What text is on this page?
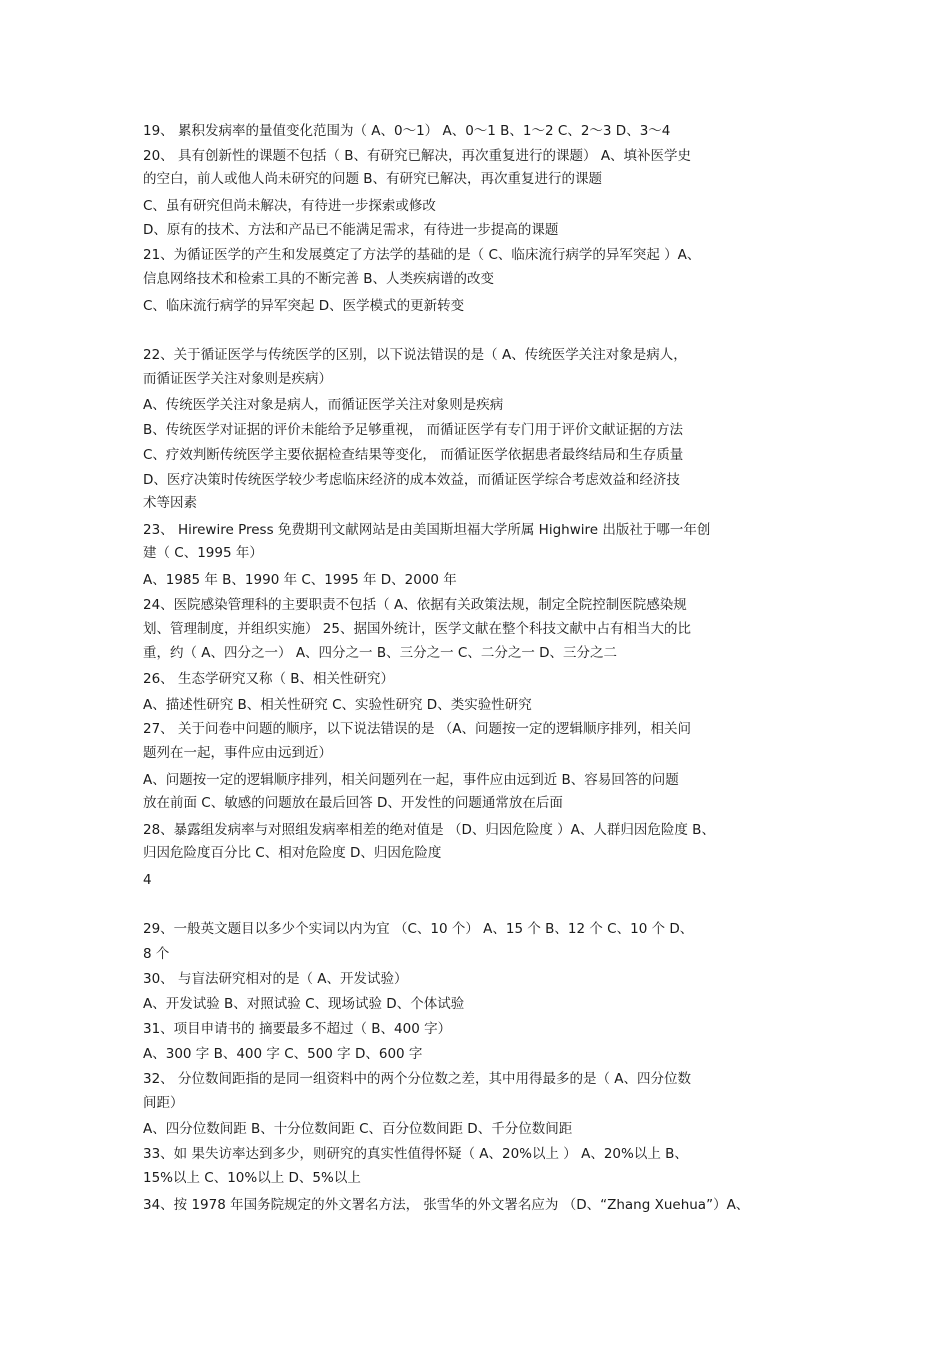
19、 累积发病率的量值变化范围为（ A、0～1） A、0～1 B、1～2 C、2～3 D、3～4
20、 具有创新性的课题不包括（ B、有研究已解决，再次重复进行的课题） A、填补医学史
的空白，前人或他人尚未研究的问题 B、有研究已解决，再次重复进行的课题
C、虽有研究但尚未解决，有待进一步探索或修改
D、原有的技术、方法和产品已不能满足需求，有待进一步提高的课题
21、为循证医学的产生和发展奠定了方法学的基础的是（ C、临床流行病学的异军突起 ）A、
信息网络技术和检索工具的不断完善 B、人类疾病谱的改变
C、临床流行病学的异军突起 D、医学模式的更新转变
22、关于循证医学与传统医学的区别，以下说法错误的是（ A、传统医学关注对象是病人，
而循证医学关注对象则是疾病）
A、传统医学关注对象是病人，而循证医学关注对象则是疾病
B、传统医学对证据的评价未能给予足够重视， 而循证医学有专门用于评价文献证据的方法
C、疗效判断传统医学主要依据检查结果等变化， 而循证医学依据患者最终结局和生存质量
D、医疗决策时传统医学较少考虑临床经济的成本效益，而循证医学综合考虑效益和经济技
术等因素
23、 Hirewire Press 免费期刊文献网站是由美国斯坦福大学所属 Highwire 出版社于哪一年创
建（ C、1995 年）
A、1985 年 B、1990 年 C、1995 年 D、2000 年
24、医院感染管理科的主要职责不包括（ A、依据有关政策法规，制定全院控制医院感染规
划、管理制度，并组织实施） 25、据国外统计，医学文献在整个科技文献中占有相当大的比
重，约（ A、四分之一） A、四分之一 B、三分之一 C、二分之一 D、三分之二
26、 生态学研究又称（ B、相关性研究）
A、描述性研究 B、相关性研究 C、实验性研究 D、类实验性研究
27、 关于问卷中问题的顺序，以下说法错误的是 （A、问题按一定的逻辑顺序排列，相关问
题列在一起，事件应由远到近）
A、问题按一定的逻辑顺序排列，相关问题列在一起，事件应由远到近 B、容易回答的问题
放在前面 C、敏感的问题放在最后回答 D、开发性的问题通常放在后面
28、暴露组发病率与对照组发病率相差的绝对值是 （D、归因危险度 ）A、人群归因危险度 B、
归因危险度百分比 C、相对危险度 D、归因危险度
4
29、一般英文题目以多少个实词以内为宜 （C、10 个） A、15 个 B、12 个 C、10 个 D、
8 个
30、 与盲法研究相对的是（ A、开发试验）
A、开发试验 B、对照试验 C、现场试验 D、个体试验
31、项目申请书的 摘要最多不超过（ B、400 字）
A、300 字 B、400 字 C、500 字 D、600 字
32、 分位数间距指的是同一组资料中的两个分位数之差，其中用得最多的是（ A、四分位数
间距）
A、四分位数间距 B、十分位数间距 C、百分位数间距 D、千分位数间距
33、如 果失访率达到多少，则研究的真实性值得怀疑（ A、20%以上 ） A、20%以上 B、
15%以上 C、10%以上 D、5%以上
34、按 1978 年国务院规定的外文署名方法， 张雪华的外文署名应为 （D、“Zhang Xuehua”）A、
